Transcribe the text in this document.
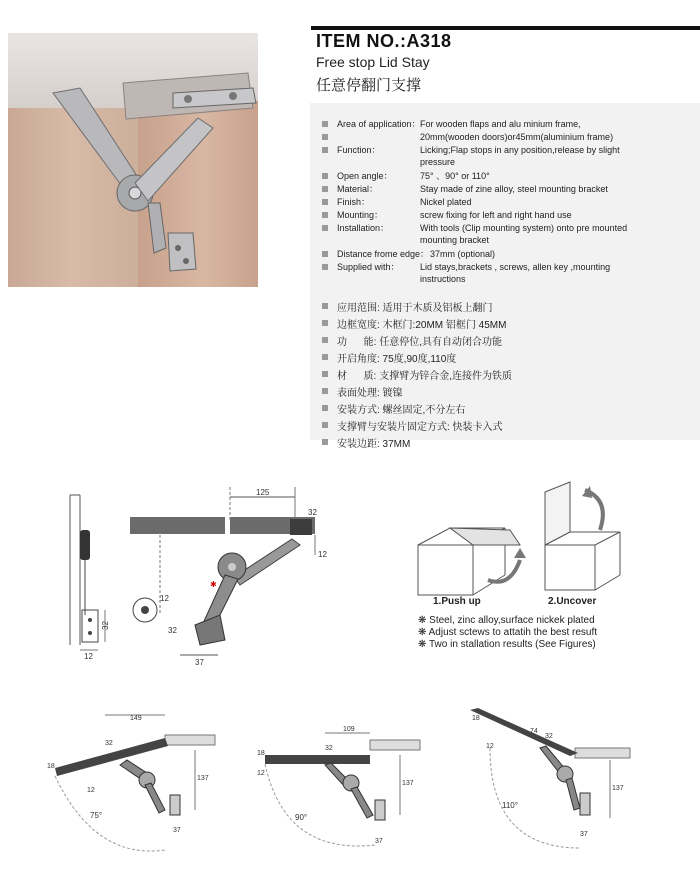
ITEM NO.:A318
Free stop Lid Stay
任意停翻门支撑
Area of application： For wooden flaps and alu minium frame,
20mm(wooden doors)or45mm(aluminium frame)
Function：	Licking;Flap stops in any position,release by slight
pressure
Open angle：	75° 、90° or 110°
Material：	Stay made of zine alloy, steel mounting bracket
Finish：	Nickel plated
Mounting：	screw fixing for left and right hand use
Installation：	With tools (Clip mounting system) onto pre mounted
mounting bracket
Distance frome edge： 37mm (optional)
Supplied with： Lid stays,brackets , screws, allen key ,mounting
instructions
应用范围: 适用于木质及铝板上翻门
边框宽度: 木框门:20MM 铝框门 45MM
功      能: 任意停位,具有自动闭合功能
开启角度: 75度,90度,110度
材      质: 支撑臂为锌合金,连接件为铁质
表面处理: 镀镍
安装方式: 螺丝固定,不分左右
支撑臂与安装片固定方式: 快装卡入式
安装边距: 37MM
32
12
125
32
12
12
32
37
✱
1.Push up	2.Uncover
❋ Steel, zinc alloy,surface nickek plated
❋ Adjust sctews to attatih the best resuft
❋ Two in stallation results (See Figures)
149
32
18
137
75°
37
12
109
32
18
12
137
90°
37
74
32
18
12
137
110°
37
